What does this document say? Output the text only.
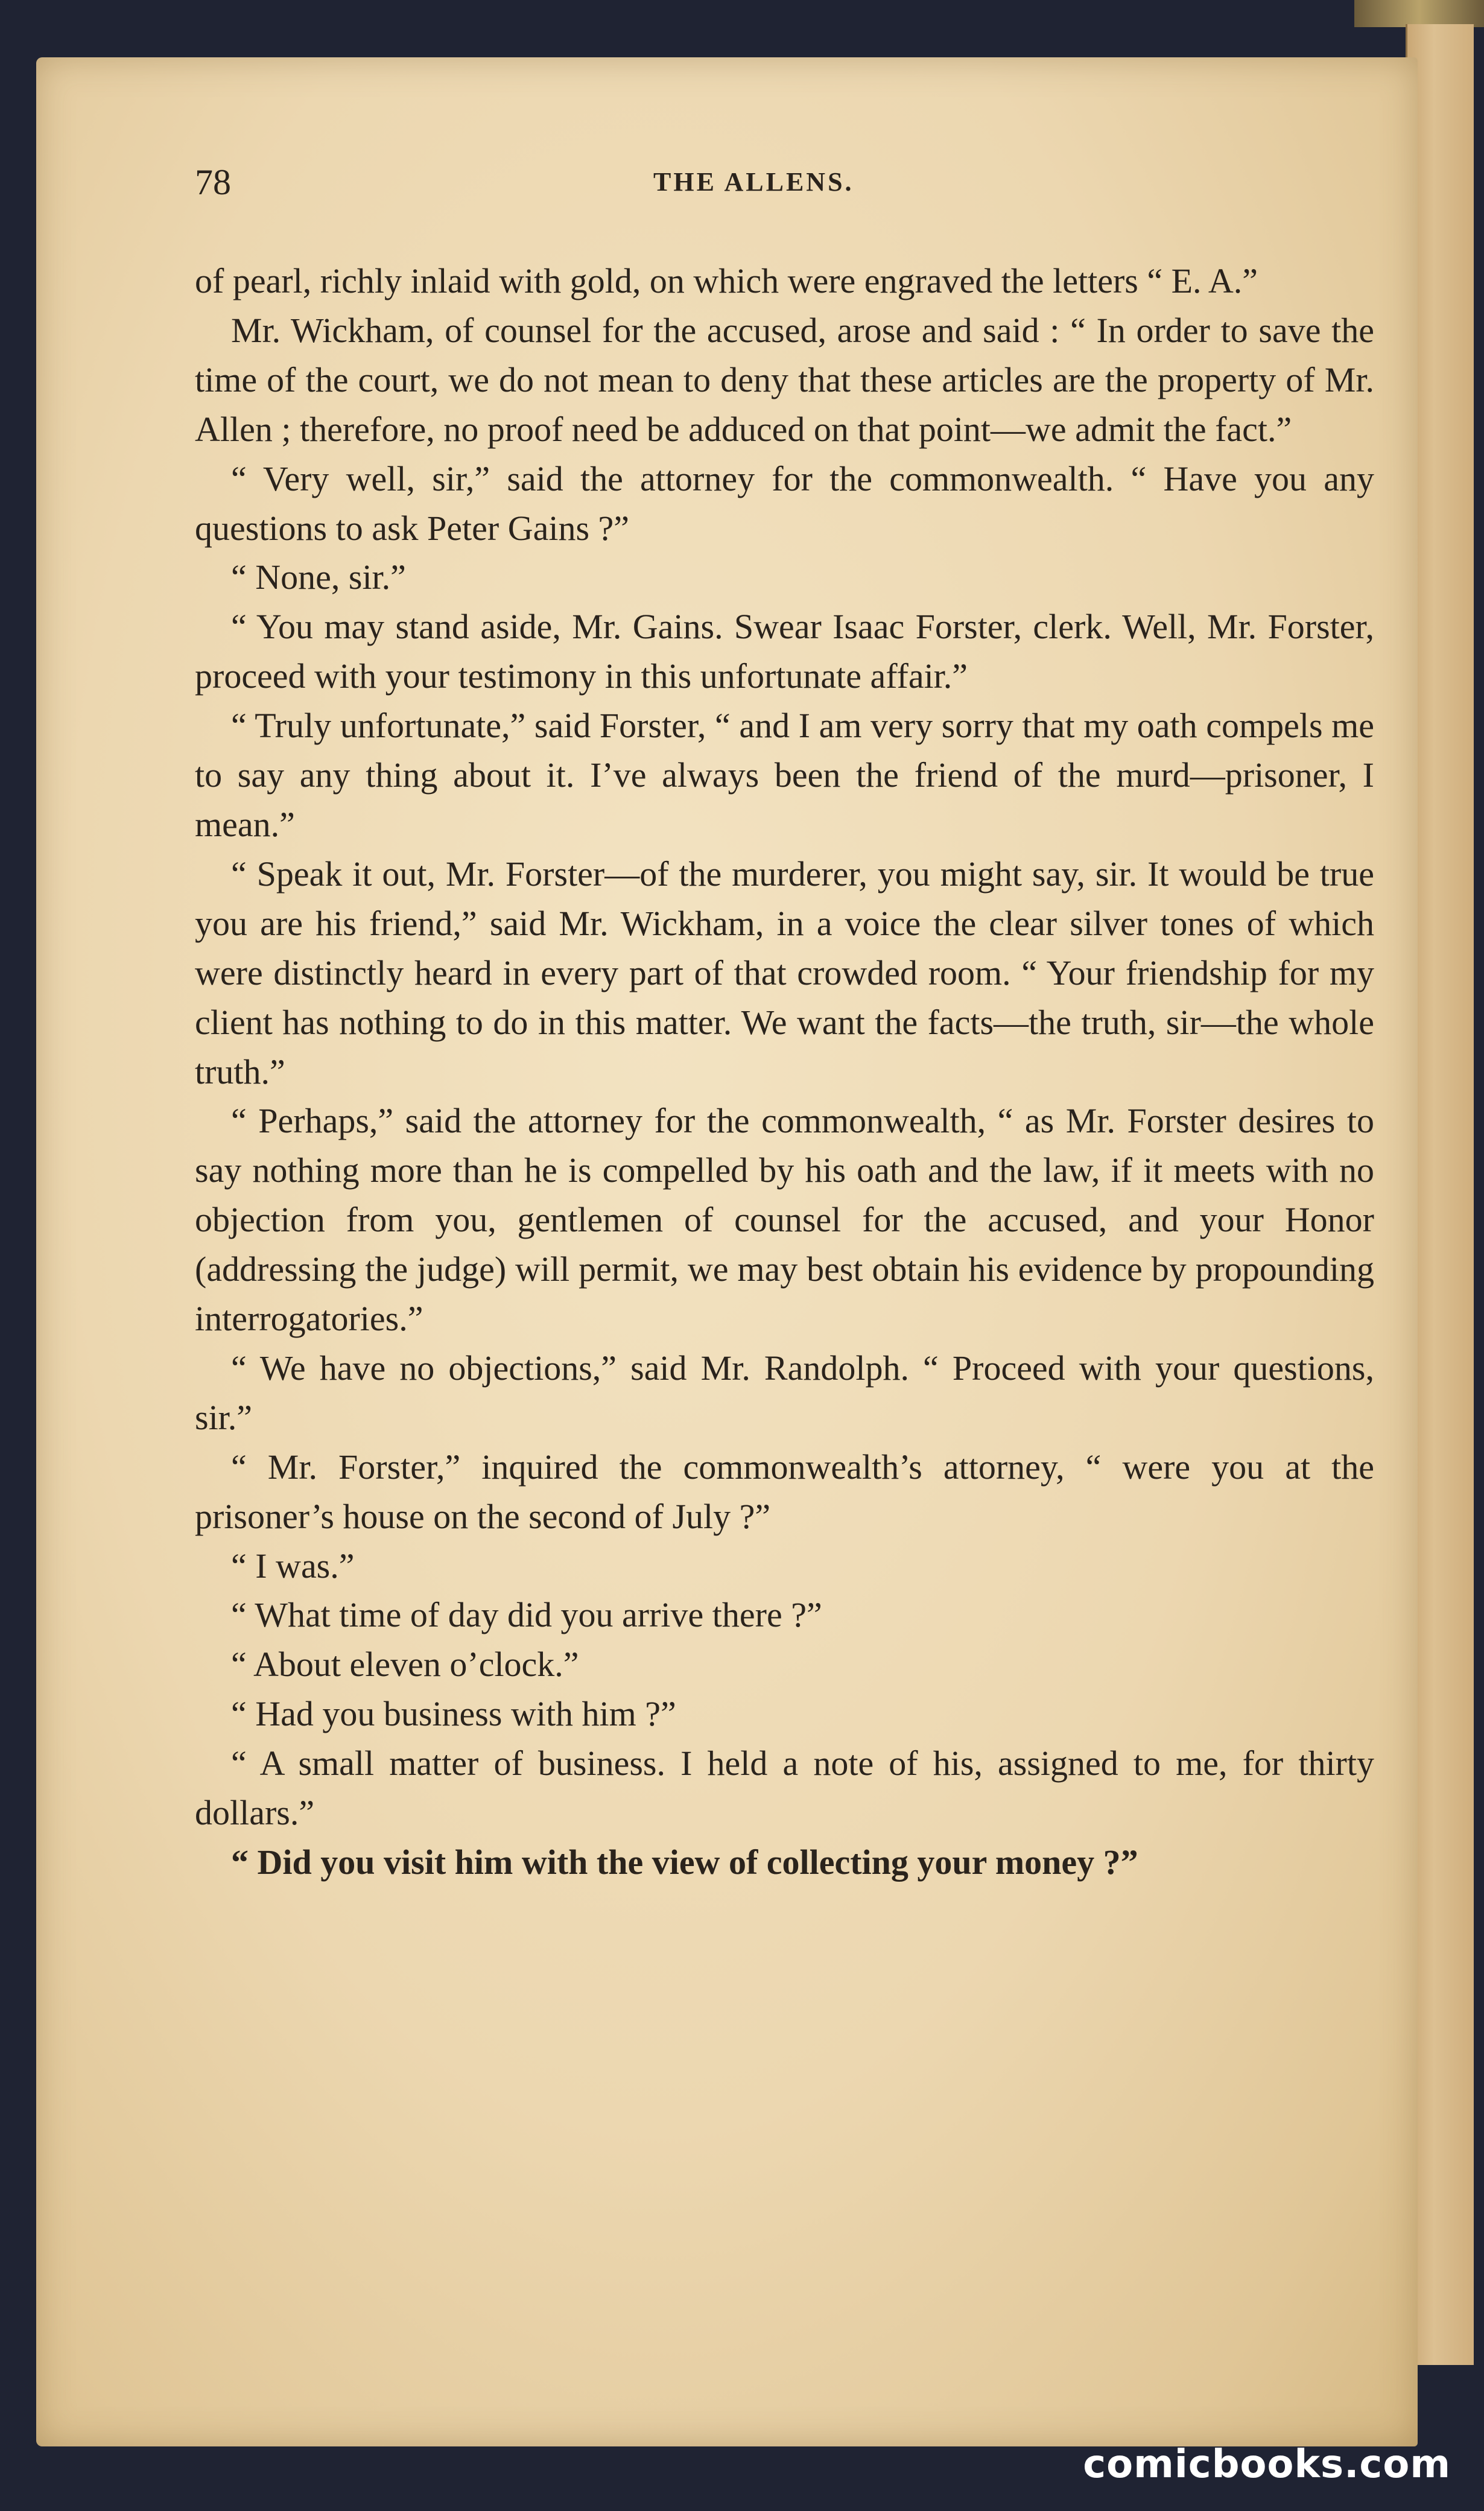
78	THE ALLENS.

of pearl, richly inlaid with gold, on which were engraved the letters “ E. A.”

Mr. Wickham, of counsel for the accused, arose and said : “ In order to save the time of the court, we do not mean to deny that these articles are the property of Mr. Allen ; therefore, no proof need be adduced on that point—we admit the fact.”

“ Very well, sir,” said the attorney for the commonwealth. “ Have you any questions to ask Peter Gains ?”

“ None, sir.”

“ You may stand aside, Mr. Gains. Swear Isaac Forster, clerk. Well, Mr. Forster, proceed with your testimony in this unfortunate affair.”

“ Truly unfortunate,” said Forster, “ and I am very sorry that my oath compels me to say any thing about it. I’ve always been the friend of the murd—prisoner, I mean.”

“ Speak it out, Mr. Forster—of the murderer, you might say, sir. It would be true you are his friend,” said Mr. Wickham, in a voice the clear silver tones of which were distinctly heard in every part of that crowded room. “ Your friendship for my client has nothing to do in this matter. We want the facts—the truth, sir—the whole truth.”

“ Perhaps,” said the attorney for the commonwealth, “ as Mr. Forster desires to say nothing more than he is compelled by his oath and the law, if it meets with no objection from you, gentlemen of counsel for the accused, and your Honor (addressing the judge) will permit, we may best obtain his evidence by propounding interrogatories.”

“ We have no objections,” said Mr. Randolph. “ Proceed with your questions, sir.”

“ Mr. Forster,” inquired the commonwealth’s attorney, “ were you at the prisoner’s house on the second of July ?”

“ I was.”

“ What time of day did you arrive there ?”

“ About eleven o’clock.”

“ Had you business with him ?”

“ A small matter of business. I held a note of his, assigned to me, for thirty dollars.”

“ Did you visit him with the view of collecting your money ?”

comicbooks.com
